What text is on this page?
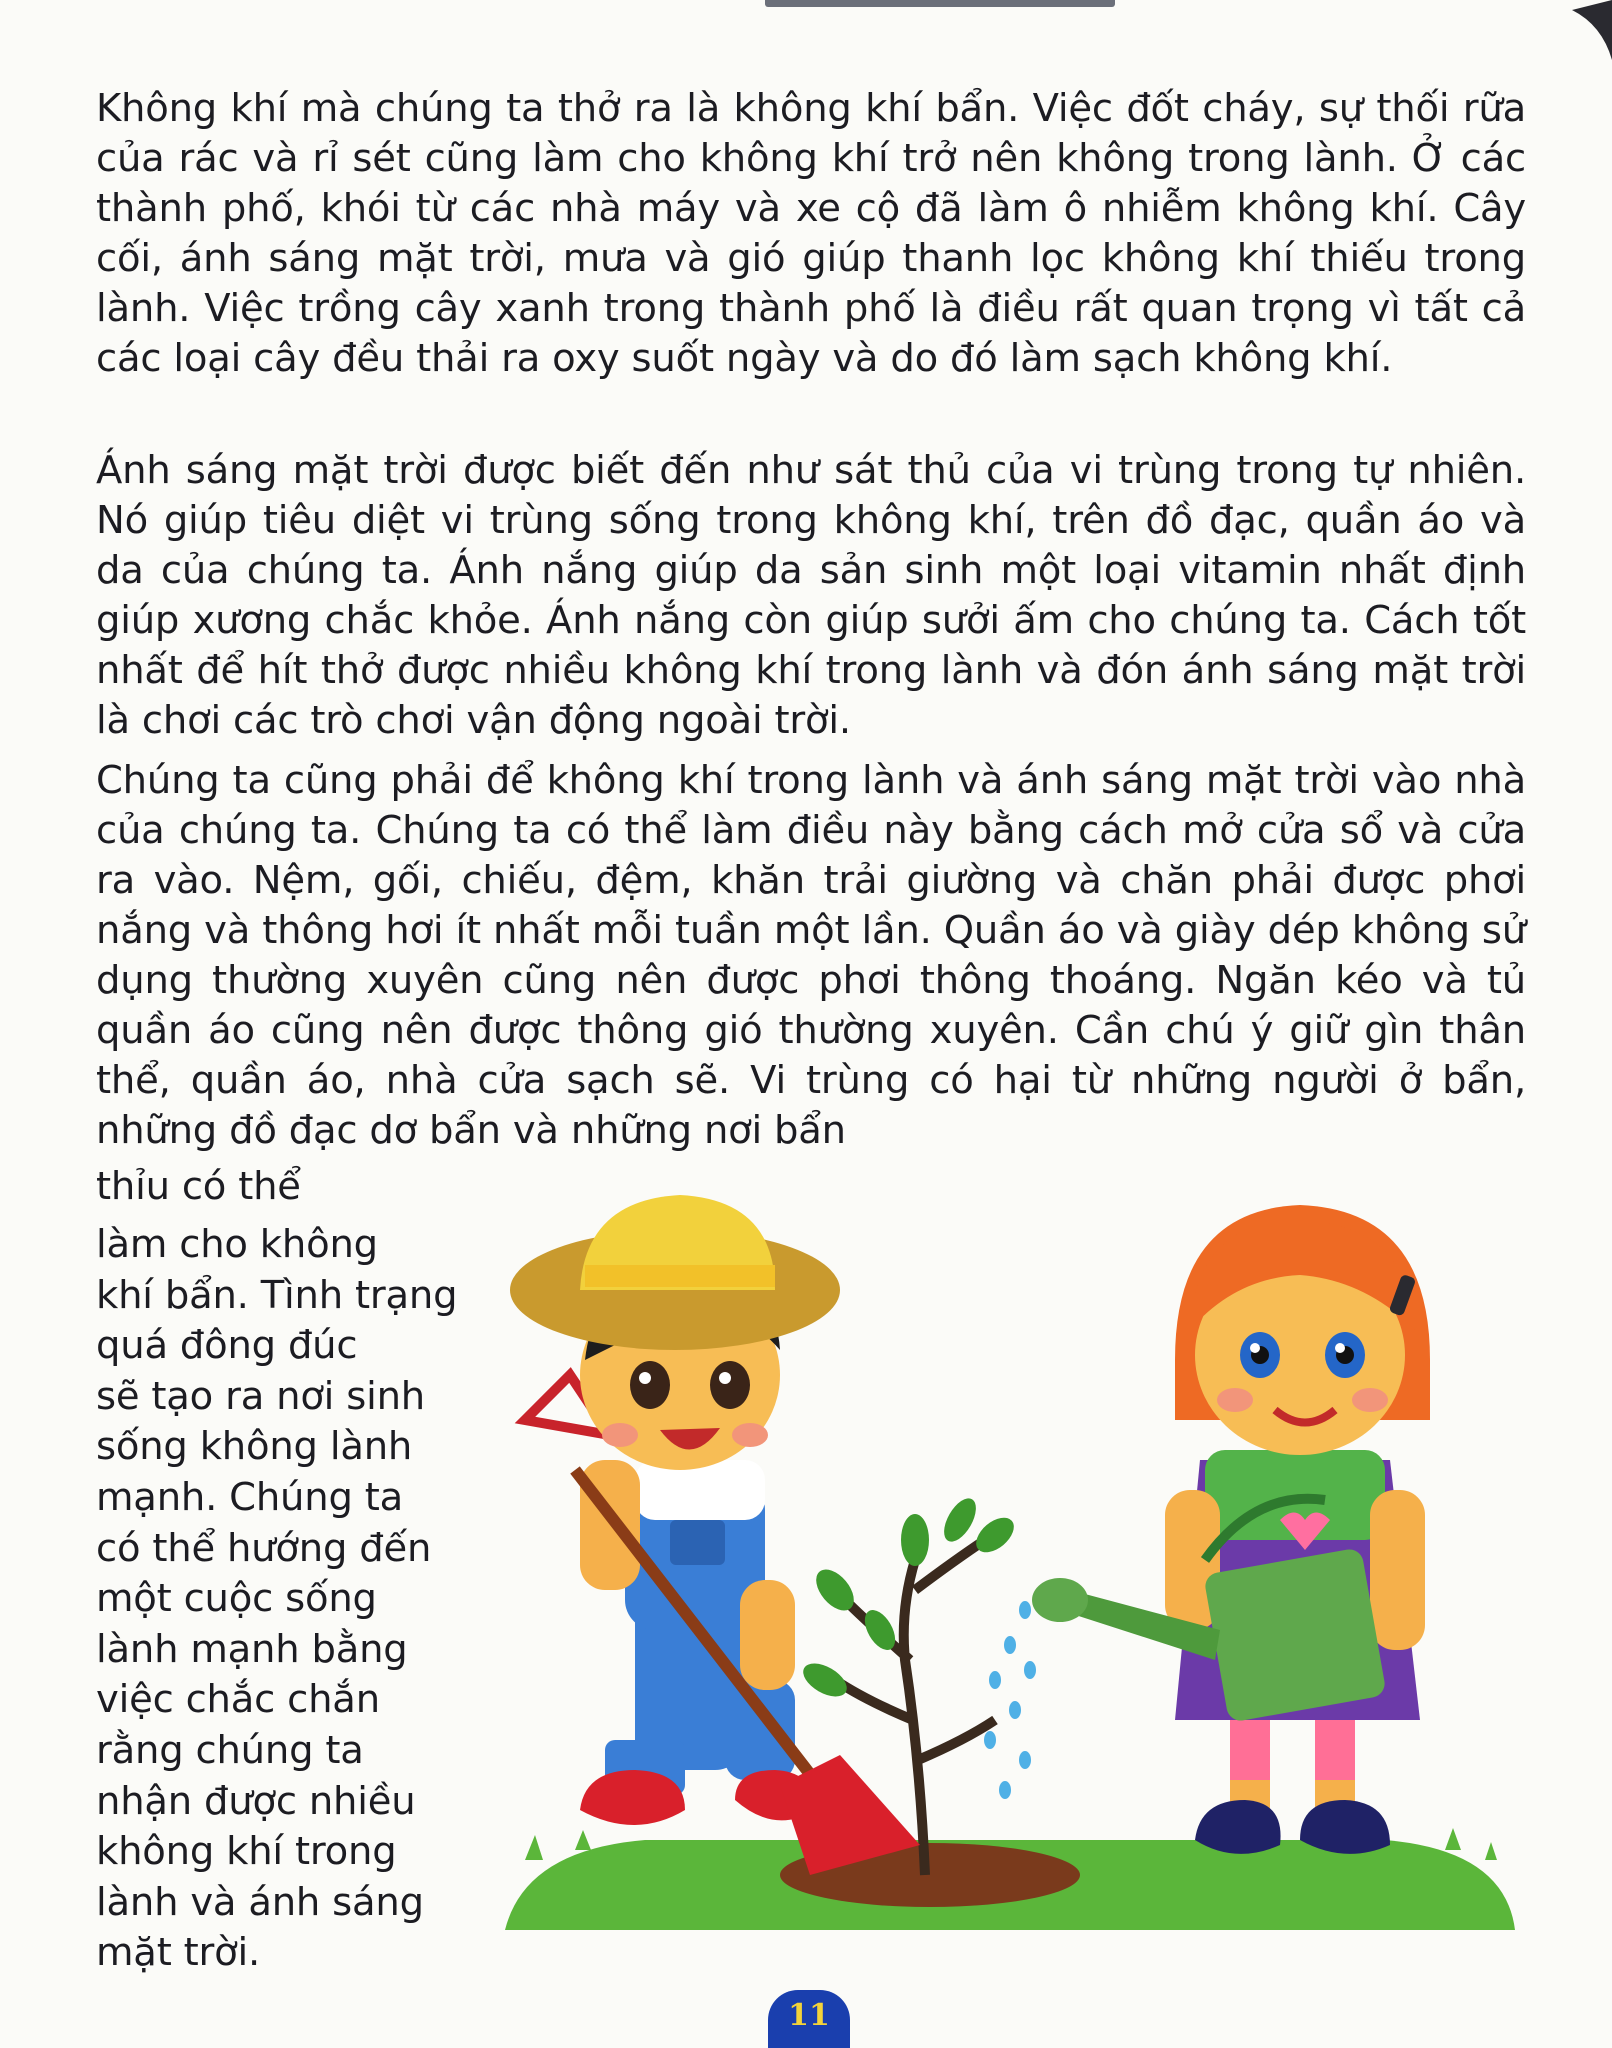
Không khí mà chúng ta thở ra là không khí bẩn. Việc đốt cháy, sự thối rữa của rác và rỉ sét cũng làm cho không khí trở nên không trong lành. Ở các thành phố, khói từ các nhà máy và xe cộ đã làm ô nhiễm không khí. Cây cối, ánh sáng mặt trời, mưa và gió giúp thanh lọc không khí thiếu trong lành. Việc trồng cây xanh trong thành phố là điều rất quan trọng vì tất cả các loại cây đều thải ra oxy suốt ngày và do đó làm sạch không khí.

Ánh sáng mặt trời được biết đến như sát thủ của vi trùng trong tự nhiên. Nó giúp tiêu diệt vi trùng sống trong không khí, trên đồ đạc, quần áo và da của chúng ta. Ánh nắng giúp da sản sinh một loại vitamin nhất định giúp xương chắc khỏe. Ánh nắng còn giúp sưởi ấm cho chúng ta. Cách tốt nhất để hít thở được nhiều không khí trong lành và đón ánh sáng mặt trời là chơi các trò chơi vận động ngoài trời.

Chúng ta cũng phải để không khí trong lành và ánh sáng mặt trời vào nhà của chúng ta. Chúng ta có thể làm điều này bằng cách mở cửa sổ và cửa ra vào. Nệm, gối, chiếu, đệm, khăn trải giường và chăn phải được phơi nắng và thông hơi ít nhất mỗi tuần một lần. Quần áo và giày dép không sử dụng thường xuyên cũng nên được phơi thông thoáng. Ngăn kéo và tủ quần áo cũng nên được thông gió thường xuyên. Cần chú ý giữ gìn thân thể, quần áo, nhà cửa sạch sẽ. Vi trùng có hại từ những người ở bẩn, những đồ đạc dơ bẩn và những nơi bẩn

thỉu có thể

làm cho không
khí bẩn. Tình trạng
quá đông đúc
sẽ tạo ra nơi sinh
sống không lành
mạnh. Chúng ta
có thể hướng đến
một cuộc sống
lành mạnh bằng
việc chắc chắn
rằng chúng ta
nhận được nhiều
không khí trong
lành và ánh sáng
mặt trời.
11
